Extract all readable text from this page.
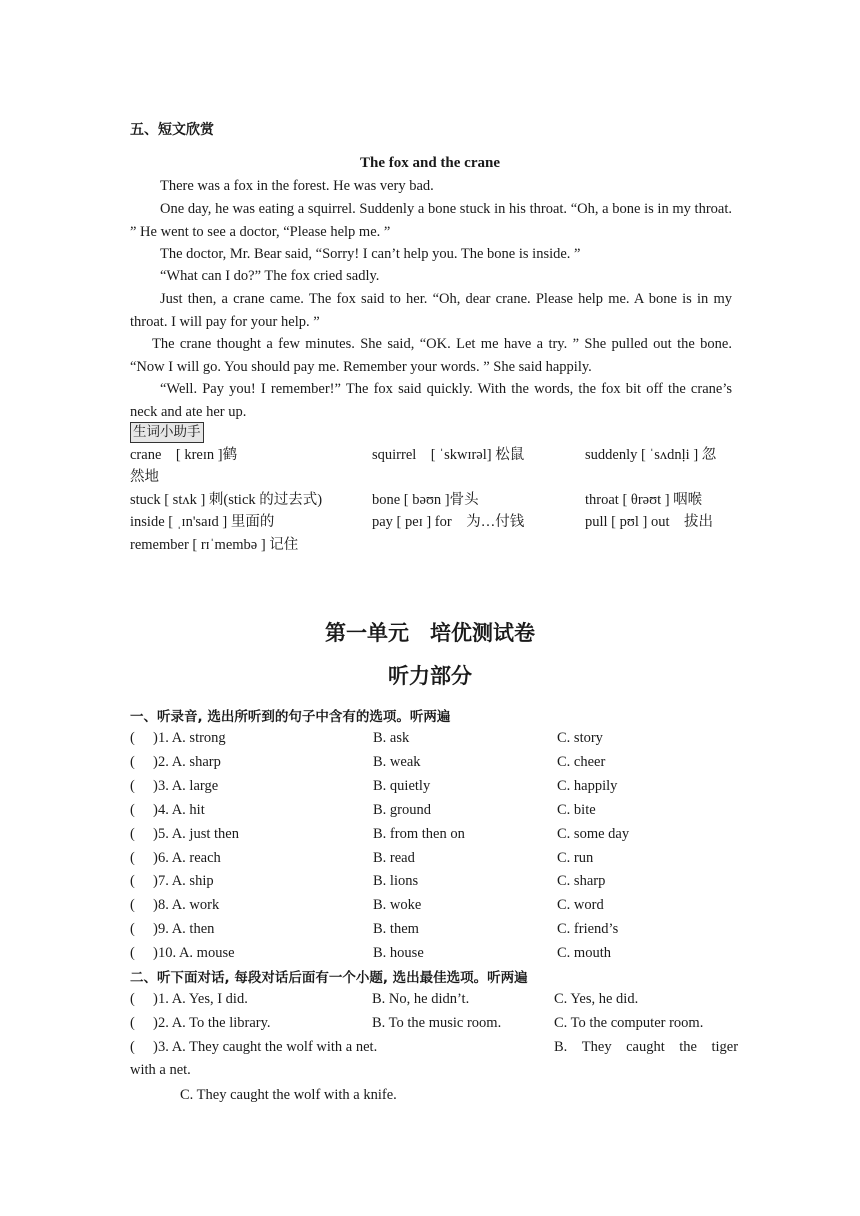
五、短文欣赏
The fox and the crane
There was a fox in the forest. He was very bad.
One day, he was eating a squirrel. Suddenly a bone stuck in his throat. “Oh, a bone is in my throat. ” He went to see a doctor, “Please help me. ”
The doctor, Mr. Bear said, “Sorry! I can’t help you. The bone is inside. ”
“What can I do?” The fox cried sadly.
Just then, a crane came. The fox said to her. “Oh, dear crane. Please help me. A bone is in my throat. I will pay for your help. ”
The crane thought a few minutes. She said, “OK. Let me have a try. ” She pulled out the bone. “Now I will go. You should pay me. Remember your words. ” She said happily.
“Well. Pay you! I remember!” The fox said quickly. With the words, the fox bit off the crane’s neck and ate her up.
生词小助手
crane　[ kreɪn ]鹤	squirrel　[ ˈskwɪrəl] 松鼠	suddenly [ ˈsʌdnḷi ] 忽
然地
stuck [ stʌk ] 刺(stick 的过去式)	bone [ bəʊn ]骨头	throat [ θrəʊt ] 咽喉
inside [ ˌɪn'saɪd ] 里面的	pay [ peɪ ] for　为…付钱	pull [ pʊl ] out　拔出
remember [ rɪˈmembə ] 记住
第一单元　培优测试卷
听力部分
一、听录音, 选出所听到的句子中含有的选项。听两遍
(　 ) 1. A. strong	B. ask	C. story
(　 ) 2. A. sharp	B. weak	C. cheer
(　 ) 3. A. large	B. quietly	C. happily
(　 ) 4. A. hit	B. ground	C. bite
(　 ) 5. A. just then	B. from then on	C. some day
(　 ) 6. A. reach	B. read	C. run
(　 ) 7. A. ship	B. lions	C. sharp
(　 ) 8. A. work	B. woke	C. word
(　 ) 9. A. then	B. them	C. friend’s
(　 ) 10. A. mouse	B. house	C. mouth
二、听下面对话, 每段对话后面有一个小题, 选出最佳选项。听两遍
(　 ) 1. A. Yes, I did.	B. No, he didn’t.	C. Yes, he did.
(　 ) 2. A. To the library.	B. To the music room.	C. To the computer room.
(　 ) 3. A. They caught the wolf with a net.	B.　They　caught　the　tiger
with a net.
C. They caught the wolf with a knife.
